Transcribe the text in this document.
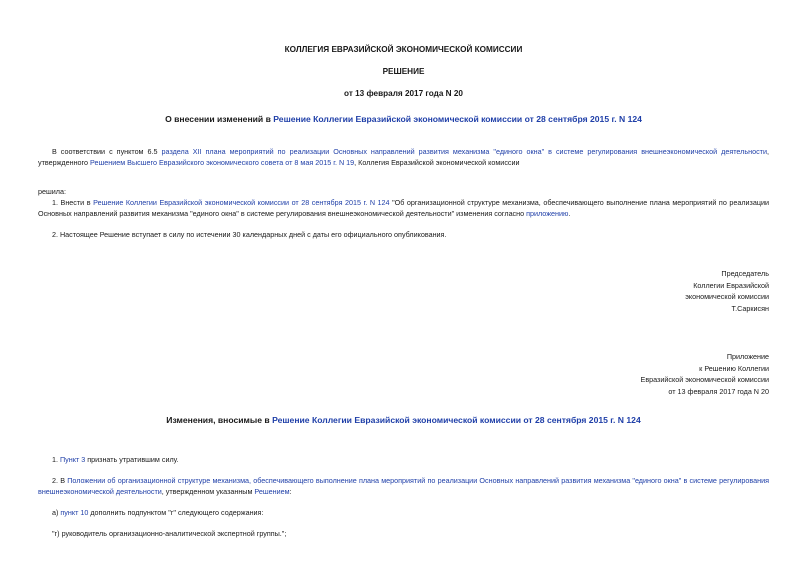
КОЛЛЕГИЯ ЕВРАЗИЙСКОЙ ЭКОНОМИЧЕСКОЙ КОМИССИИ
РЕШЕНИЕ
от 13 февраля 2017 года N 20
О внесении изменений в Решение Коллегии Евразийской экономической комиссии от 28 сентября 2015 г. N 124
В соответствии с пунктом 6.5 раздела XII плана мероприятий по реализации Основных направлений развития механизма "единого окна" в системе регулирования внешнеэкономической деятельности, утвержденного Решением Высшего Евразийского экономического совета от 8 мая 2015 г. N 19, Коллегия Евразийской экономической комиссии
решила:
1. Внести в Решение Коллегии Евразийской экономической комиссии от 28 сентября 2015 г. N 124 "Об организационной структуре механизма, обеспечивающего выполнение плана мероприятий по реализации Основных направлений развития механизма "единого окна" в системе регулирования внешнеэкономической деятельности" изменения согласно приложению.
2. Настоящее Решение вступает в силу по истечении 30 календарных дней с даты его официального опубликования.
Председатель
Коллегии Евразийской
экономической комиссии
Т.Саркисян
Приложение
к Решению Коллегии
Евразийской экономической комиссии
от 13 февраля 2017 года N 20
Изменения, вносимые в Решение Коллегии Евразийской экономической комиссии от 28 сентября 2015 г. N 124
1. Пункт 3 признать утратившим силу.
2. В Положении об организационной структуре механизма, обеспечивающего выполнение плана мероприятий по реализации Основных направлений развития механизма "единого окна" в системе регулирования внешнеэкономической деятельности, утвержденном указанным Решением:
а) пункт 10 дополнить подпунктом "г" следующего содержания:
"г) руководитель организационно-аналитической экспертной группы.";
